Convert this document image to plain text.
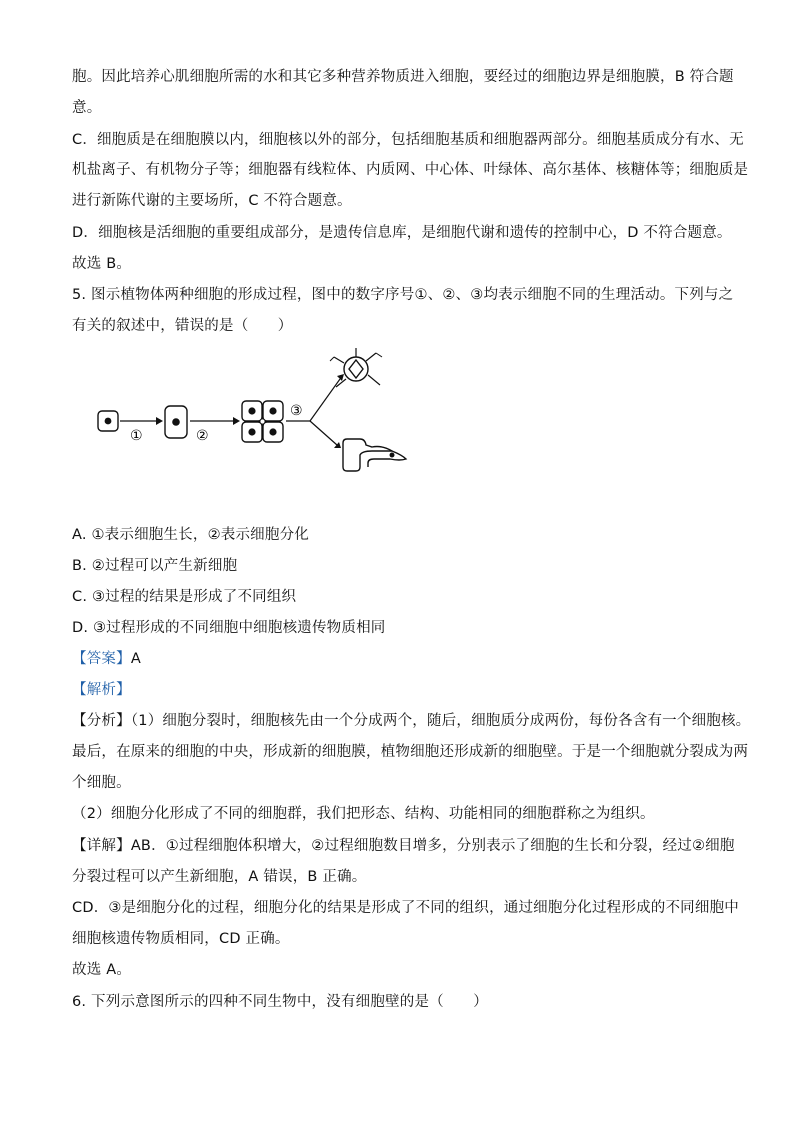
胞。因此培养心肌细胞所需的水和其它多种营养物质进入细胞，要经过的细胞边界是细胞膜，B 符合题
意。
C．细胞质是在细胞膜以内，细胞核以外的部分，包括细胞基质和细胞器两部分。细胞基质成分有水、无
机盐离子、有机物分子等；细胞器有线粒体、内质网、中心体、叶绿体、高尔基体、核糖体等；细胞质是
进行新陈代谢的主要场所，C 不符合题意。
D．细胞核是活细胞的重要组成部分，是遗传信息库，是细胞代谢和遗传的控制中心，D 不符合题意。
故选 B。
5. 图示植物体两种细胞的形成过程，图中的数字序号①、②、③均表示细胞不同的生理活动。下列与之
有关的叙述中，错误的是（　　）
①	②
③
A. ①表示细胞生长，②表示细胞分化
B. ②过程可以产生新细胞
C. ③过程的结果是形成了不同组织
D. ③过程形成的不同细胞中细胞核遗传物质相同
【答案】A
【解析】
【分析】（1）细胞分裂时，细胞核先由一个分成两个，随后，细胞质分成两份，每份各含有一个细胞核。
最后，在原来的细胞的中央，形成新的细胞膜，植物细胞还形成新的细胞壁。于是一个细胞就分裂成为两
个细胞。
（2）细胞分化形成了不同的细胞群，我们把形态、结构、功能相同的细胞群称之为组织。
【详解】AB．①过程细胞体积增大，②过程细胞数目增多，分别表示了细胞的生长和分裂，经过②细胞
分裂过程可以产生新细胞，A 错误，B 正确。
CD．③是细胞分化的过程，细胞分化的结果是形成了不同的组织，通过细胞分化过程形成的不同细胞中
细胞核遗传物质相同，CD 正确。
故选 A。
6. 下列示意图所示的四种不同生物中，没有细胞壁的是（　　）
